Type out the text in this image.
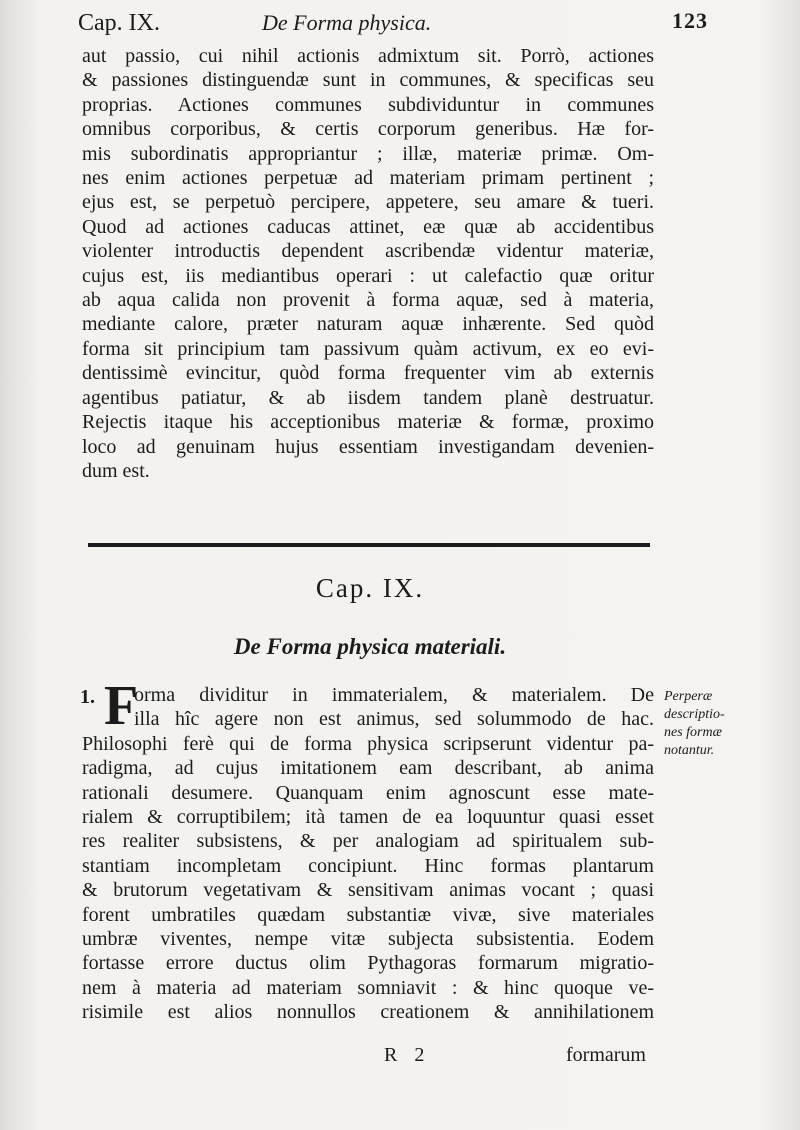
Cap. IX.	De Forma physica.	123
aut passio, cui nihil actionis admixtum sit. Porrò, actiones
& passiones distinguendæ sunt in communes, & specificas seu
proprias. Actiones communes subdividuntur in communes
omnibus corporibus, & certis corporum generibus. Hæ for-
mis subordinatis appropriantur ; illæ, materiæ primæ. Om-
nes enim actiones perpetuæ ad materiam primam pertinent ;
ejus est, se perpetuò percipere, appetere, seu amare & tueri.
Quod ad actiones caducas attinet, eæ quæ ab accidentibus
violenter introductis dependent ascribendæ videntur materiæ,
cujus est, iis mediantibus operari : ut calefactio quæ oritur
ab aqua calida non provenit à forma aquæ, sed à materia,
mediante calore, præter naturam aquæ inhærente. Sed quòd
forma sit principium tam passivum quàm activum, ex eo evi-
dentissimè evincitur, quòd forma frequenter vim ab externis
agentibus patiatur, & ab iisdem tandem planè destruatur.
Rejectis itaque his acceptionibus materiæ & formæ, proximo
loco ad genuinam hujus essentiam investigandam devenien-
dum est.
Cap. IX.
De Forma physica materiali.
1. F
orma dividitur in immaterialem, & materialem. De
illa hîc agere non est animus, sed solummodo de hac.
Philosophi ferè qui de forma physica scripserunt videntur pa-
radigma, ad cujus imitationem eam describant, ab anima
rationali desumere. Quanquam enim agnoscunt esse mate-
rialem & corruptibilem; ità tamen de ea loquuntur quasi esset
res realiter subsistens, & per analogiam ad spiritualem sub-
stantiam incompletam concipiunt. Hinc formas plantarum
& brutorum vegetativam & sensitivam animas vocant ; quasi
forent umbratiles quædam substantiæ vivæ, sive materiales
umbræ viventes, nempe vitæ subjecta subsistentia. Eodem
fortasse errore ductus olim Pythagoras formarum migratio-
nem à materia ad materiam somniavit : & hinc quoque ve-
risimile est alios nonnullos creationem & annihilationem
Perperæ
descriptio-
nes formæ
notantur.
R 2	formarum
